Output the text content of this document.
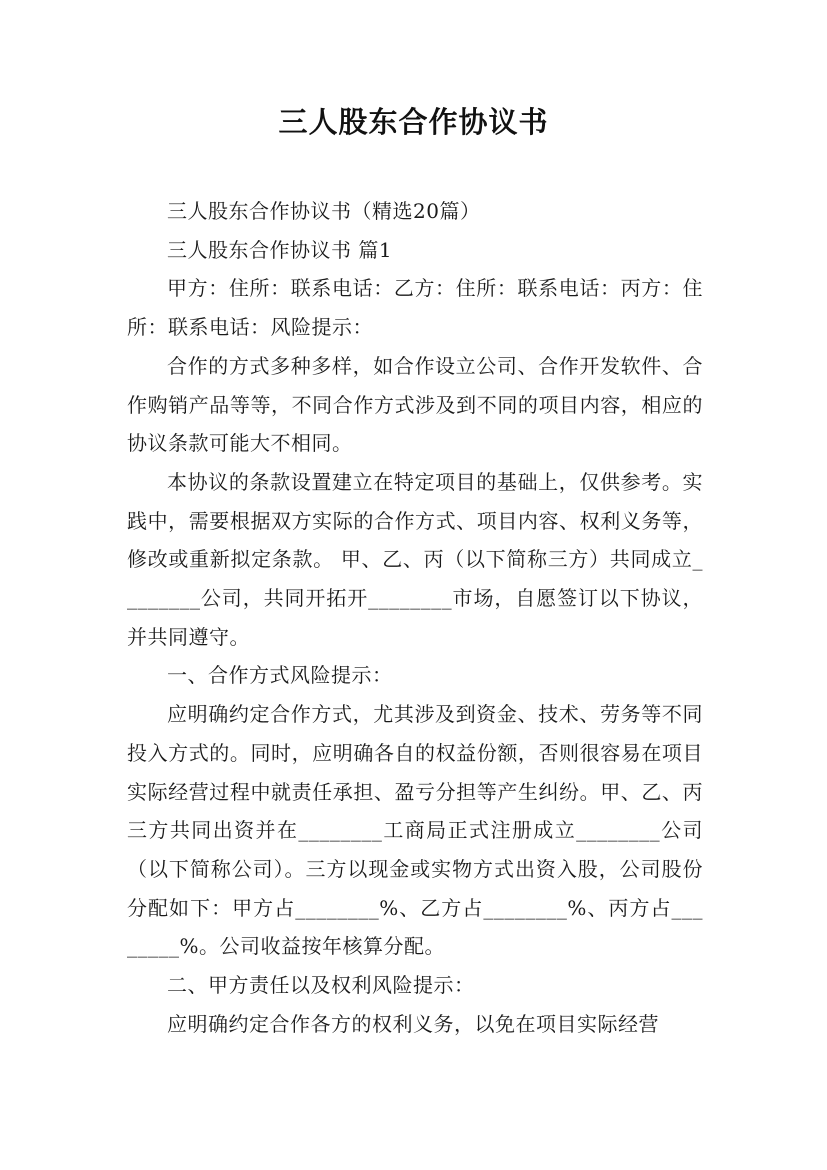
三人股东合作协议书

三人股东合作协议书（精选20篇）

三人股东合作协议书 篇1

甲方：住所：联系电话：乙方：住所：联系电话：丙方：住所：联系电话：风险提示：

合作的方式多种多样，如合作设立公司、合作开发软件、合作购销产品等等，不同合作方式涉及到不同的项目内容，相应的协议条款可能大不相同。

本协议的条款设置建立在特定项目的基础上，仅供参考。实践中，需要根据双方实际的合作方式、项目内容、权利义务等，修改或重新拟定条款。 甲、乙、丙（以下简称三方）共同成立________公司，共同开拓开________市场，自愿签订以下协议，并共同遵守。

一、合作方式风险提示：

应明确约定合作方式，尤其涉及到资金、技术、劳务等不同投入方式的。同时，应明确各自的权益份额，否则很容易在项目实际经营过程中就责任承担、盈亏分担等产生纠纷。甲、乙、丙三方共同出资并在________工商局正式注册成立________公司（以下简称公司）。三方以现金或实物方式出资入股，公司股份分配如下：甲方占________%、乙方占________%、丙方占________%。公司收益按年核算分配。

二、甲方责任以及权利风险提示：

应明确约定合作各方的权利义务，以免在项目实际经营
